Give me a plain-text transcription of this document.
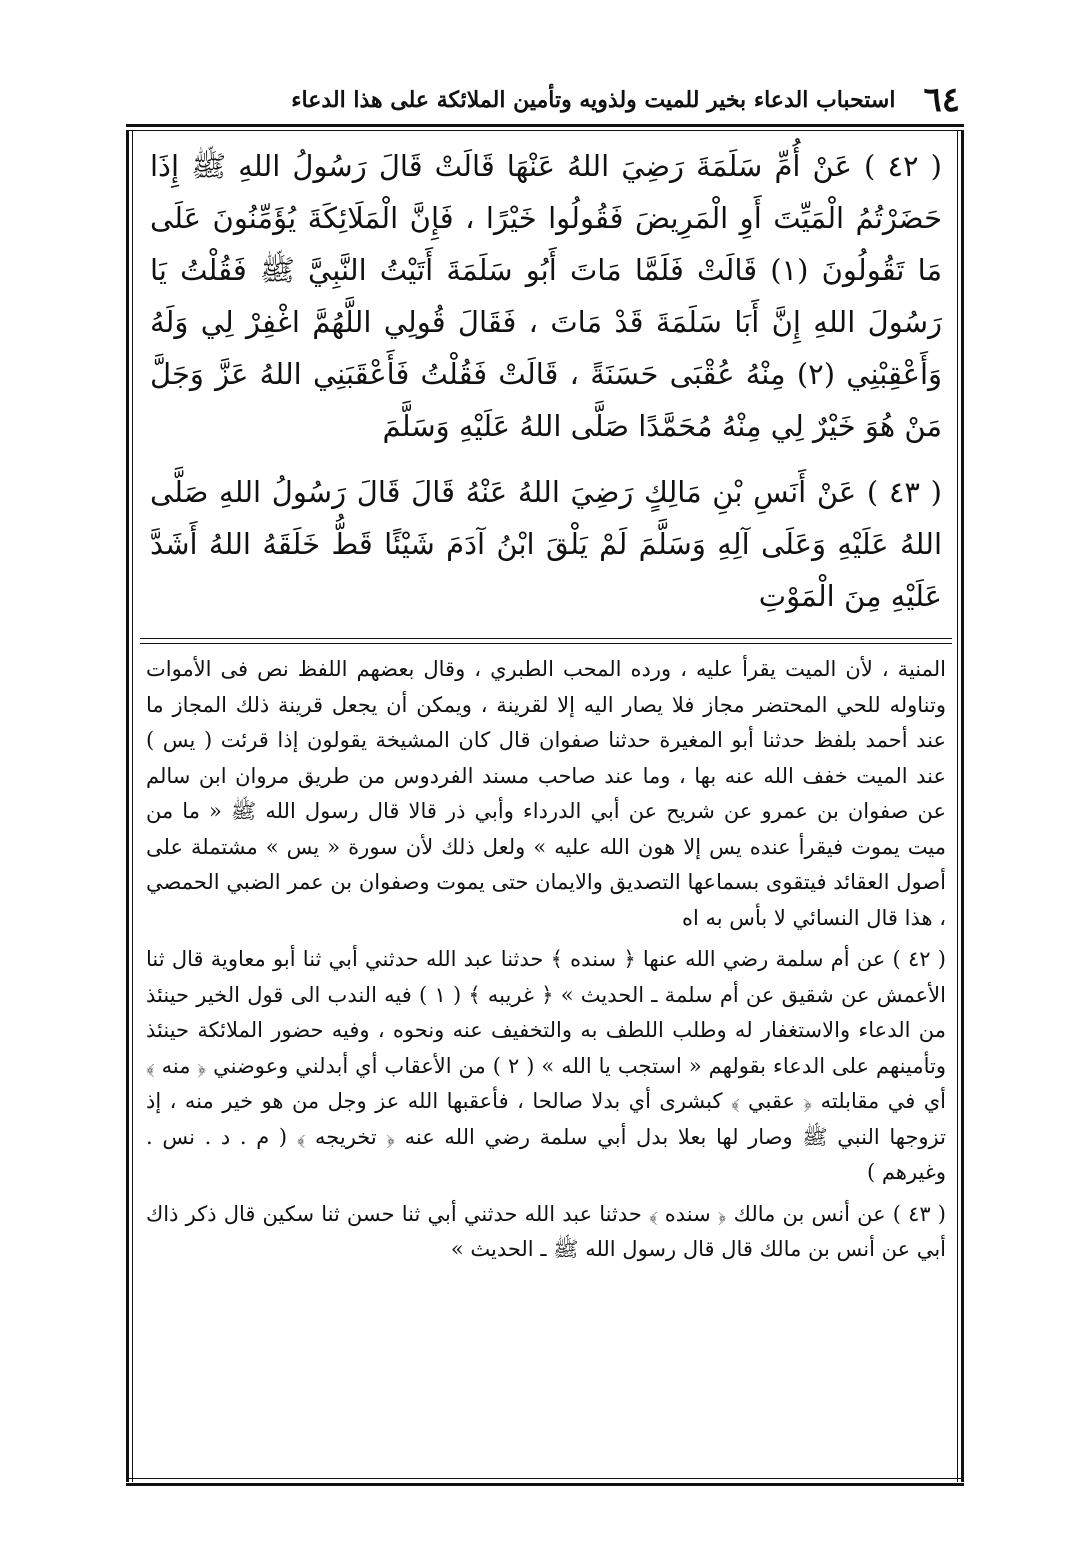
٦٤
استحباب الدعاء بخير للميت ولذويه وتأمين الملائكة على هذا الدعاء

( ٤٢ ) عَنْ أُمِّ سَلَمَةَ رَضِيَ اللهُ عَنْهَا قَالَتْ قَالَ رَسُولُ اللهِ ﷺ إِذَا حَضَرْتُمُ الْمَيِّتَ أَوِ الْمَرِيضَ فَقُولُوا خَيْرًا ، فَإِنَّ الْمَلَائِكَةَ يُؤَمِّنُونَ عَلَى مَا تَقُولُونَ (١) قَالَتْ فَلَمَّا مَاتَ أَبُو سَلَمَةَ أَتَيْتُ النَّبِيَّ ﷺ فَقُلْتُ يَا رَسُولَ اللهِ إِنَّ أَبَا سَلَمَةَ قَدْ مَاتَ ، فَقَالَ قُولِي اللَّهُمَّ اغْفِرْ لِي وَلَهُ وَأَعْقِبْنِي (٢) مِنْهُ عُقْبَى حَسَنَةً ، قَالَتْ فَقُلْتُ فَأَعْقَبَنِي اللهُ عَزَّ وَجَلَّ مَنْ هُوَ خَيْرٌ لِي مِنْهُ مُحَمَّدًا صَلَّى اللهُ عَلَيْهِ وَسَلَّمَ

( ٤٣ ) عَنْ أَنَسِ بْنِ مَالِكٍ رَضِيَ اللهُ عَنْهُ قَالَ قَالَ رَسُولُ اللهِ صَلَّى اللهُ عَلَيْهِ وَعَلَى آلِهِ وَسَلَّمَ لَمْ يَلْقَ ابْنُ آدَمَ شَيْئًا قَطُّ خَلَقَهُ اللهُ أَشَدَّ عَلَيْهِ مِنَ الْمَوْتِ

المنية ، لأن الميت يقرأ عليه ، ورده المحب الطبري ، وقال بعضهم اللفظ نص فى الأموات وتناوله للحي المحتضر مجاز فلا يصار اليه إلا لقرينة ، ويمكن أن يجعل قرينة ذلك المجاز ما عند أحمد بلفظ حدثنا أبو المغيرة حدثنا صفوان قال كان المشيخة يقولون إذا قرئت ( يس ) عند الميت خفف الله عنه بها ، وما عند صاحب مسند الفردوس من طريق مروان ابن سالم عن صفوان بن عمرو عن شريح عن أبي الدرداء وأبي ذر قالا قال رسول الله ﷺ « ما من ميت يموت فيقرأ عنده يس إلا هون الله عليه » ولعل ذلك لأن سورة « يس » مشتملة على أصول العقائد فيتقوى بسماعها التصديق والايمان حتى يموت وصفوان بن عمر الضبي الحمصي ، هذا قال النسائي لا بأس به اه

( ٤٢ ) عن أم سلمة رضي الله عنها ﴿ سنده ﴾ حدثنا عبد الله حدثني أبي ثنا أبو معاوية قال ثنا الأعمش عن شقيق عن أم سلمة ـ الحديث » ﴿ غريبه ﴾ ( ١ ) فيه الندب الى قول الخير حينئذ من الدعاء والاستغفار له وطلب اللطف به والتخفيف عنه ونحوه ، وفيه حضور الملائكة حينئذ وتأمينهم على الدعاء بقولهم « استجب يا الله » ( ٢ ) من الأعقاب أي أبدلني وعوضني ﴿ منه ﴾ أي في مقابلته ﴿ عقبي ﴾ كبشرى أي بدلا صالحا ، فأعقبها الله عز وجل من هو خير منه ، إذ تزوجها النبي ﷺ وصار لها بعلا بدل أبي سلمة رضي الله عنه ﴿ تخريجه ﴾ ( م . د . نس . وغيرهم )

( ٤٣ ) عن أنس بن مالك ﴿ سنده ﴾ حدثنا عبد الله حدثني أبي ثنا حسن ثنا سكين قال ذكر ذاك أبي عن أنس بن مالك قال قال رسول الله ﷺ ـ الحديث »
